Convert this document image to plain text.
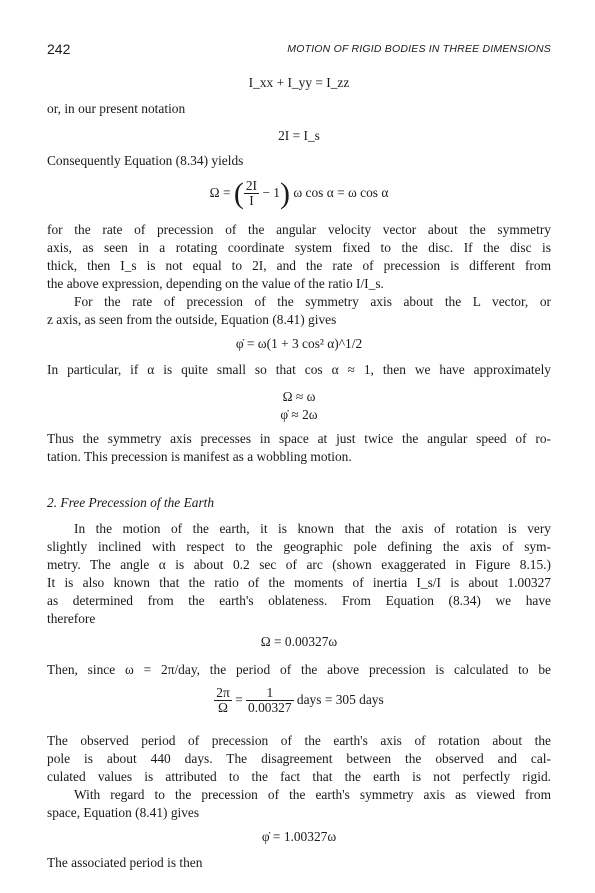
242	MOTION OF RIGID BODIES IN THREE DIMENSIONS
I_xx + I_yy = I_zz
or, in our present notation
2I = I_s
Consequently Equation (8.34) yields
Ω = ( $\frac{2I}{I} - 1$) ω cos α = ω cos α
for the rate of precession of the angular velocity vector about the symmetry
axis, as seen in a rotating coordinate system fixed to the disc. If the disc is
thick, then I_s is not equal to 2I, and the rate of precession is different from
the above expression, depending on the value of the ratio I/I_s.
For the rate of precession of the symmetry axis about the L vector, or
z axis, as seen from the outside, Equation (8.41) gives
φ̇ = ω(1 + 3 cos² α)^1/2
In particular, if α is quite small so that cos α ≈ 1, then we have approximately
Ω ≈ ω
φ̇ ≈ 2ω
Thus the symmetry axis precesses in space at just twice the angular speed of ro-
tation. This precession is manifest as a wobbling motion.
2. Free Precession of the Earth
In the motion of the earth, it is known that the axis of rotation is very
slightly inclined with respect to the geographic pole defining the axis of sym-
metry. The angle α is about 0.2 sec of arc (shown exaggerated in Figure 8.15.)
It is also known that the ratio of the moments of inertia I_s/I is about 1.00327
as determined from the earth's oblateness. From Equation (8.34) we have
therefore
Ω = 0.00327ω
Then, since ω = 2π/day, the period of the above precession is calculated to be
$\frac{2\pi}{\Omega} = \frac{1}{0.00327}$ days = 305 days
The observed period of precession of the earth's axis of rotation about the
pole is about 440 days. The disagreement between the observed and cal-
culated values is attributed to the fact that the earth is not perfectly rigid.
With regard to the precession of the earth's symmetry axis as viewed from
space, Equation (8.41) gives
φ̇ = 1.00327ω
The associated period is then
